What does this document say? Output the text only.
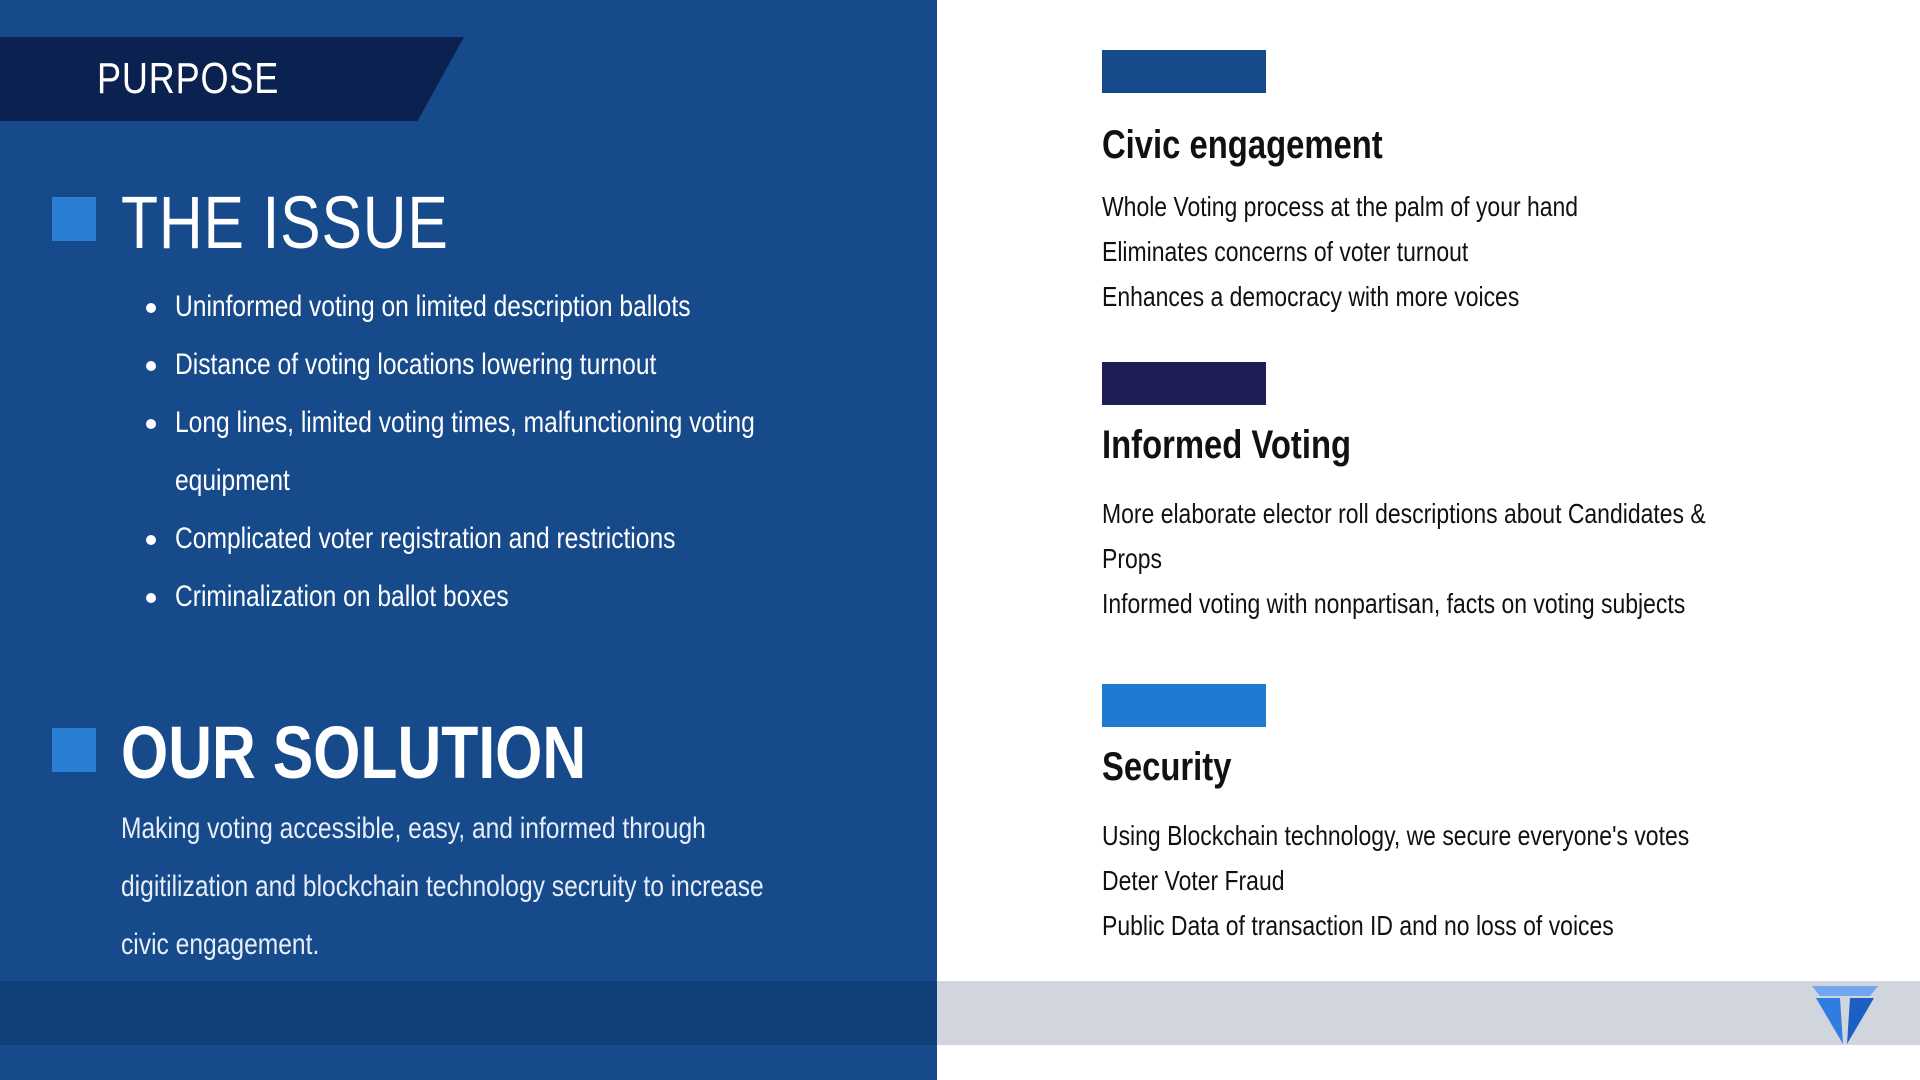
PURPOSE
THE ISSUE
Uninformed voting on limited description ballots
Distance of voting locations lowering turnout
Long lines, limited voting times, malfunctioning voting equipment
Complicated voter registration and restrictions
Criminalization on ballot boxes
OUR SOLUTION
Making voting accessible, easy, and informed through digitilization and blockchain technology secruity to increase civic engagement.
Civic engagement
Whole Voting process at the palm of your hand
Eliminates concerns of voter turnout
Enhances a democracy with more voices
Informed Voting
More elaborate elector roll descriptions about Candidates &
Props
Informed voting with nonpartisan, facts on voting subjects
Security
Using Blockchain technology, we secure everyone's votes
Deter Voter Fraud
Public Data of transaction ID and no loss of voices
